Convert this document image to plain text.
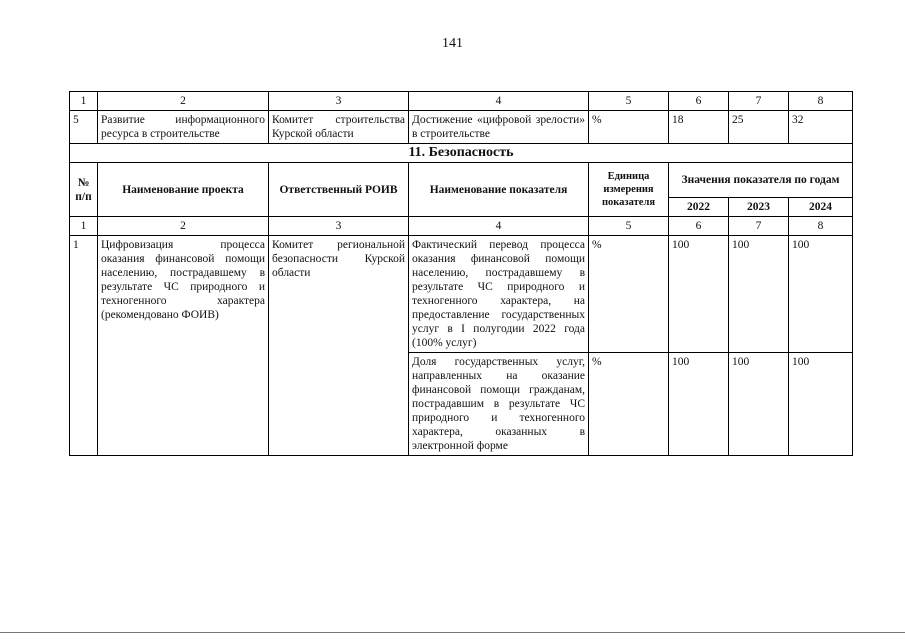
141
1	2	3	4	5	6	7	8
5	Развитие информационного ресурса в строительстве	Комитет строительства Курской области	Достижение «цифровой зрелости» в строительстве	%	18	25	32
11. Безопасность							
№ п/п	Наименование проекта	Ответственный РОИВ	Наименование показателя	Единица измерения показателя	Значения показателя по годам		
					2022	2023	2024
1	2	3	4	5	6	7	8
1	Цифровизация процесса оказания финансовой помощи населению, пострадавшему в результате ЧС природного и техногенного характера (рекомендовано ФОИВ)	Комитет региональной безопасности Курской области	Фактический перевод процесса оказания финансовой помощи населению, пострадавшему в результате ЧС природного и техногенного характера, на предоставление государственных услуг в I полугодии 2022 года (100% услуг)	%	100	100	100
			Доля государственных услуг, направленных на оказание финансовой помощи гражданам, пострадавшим в результате ЧС природного и техногенного характера, оказанных в электронной форме	%	100	100	100
